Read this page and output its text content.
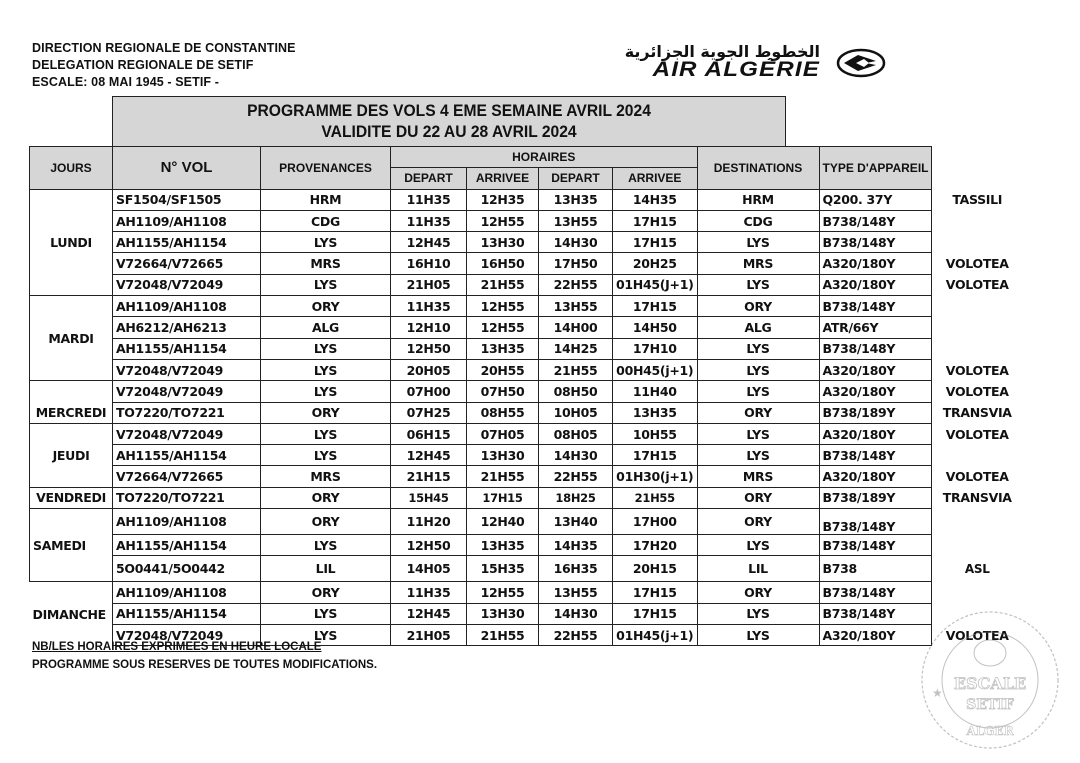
DIRECTION REGIONALE DE CONSTANTINE
DELEGATION REGIONALE DE SETIF
ESCALE: 08 MAI 1945 - SETIF -
الخطوط الجوية الجزائرية
AIR ALGÉRIE
PROGRAMME DES VOLS 4 EME SEMAINE AVRIL 2024
VALIDITE DU 22 AU 28 AVRIL 2024
JOURS	N° VOL	PROVENANCES	HORAIRES				DESTINATIONS	TYPE D'APPAREIL	
			DEPART	ARRIVEE	DEPART	ARRIVEE			
LUNDI	SF1504/SF1505	HRM	11H35	12H35	13H35	14H35	HRM	Q200. 37Y	TASSILI
	AH1109/AH1108	CDG	11H35	12H55	13H55	17H15	CDG	B738/148Y	
	AH1155/AH1154	LYS	12H45	13H30	14H30	17H15	LYS	B738/148Y	
	V72664/V72665	MRS	16H10	16H50	17H50	20H25	MRS	A320/180Y	VOLOTEA
	V72048/V72049	LYS	21H05	21H55	22H55	01H45(J+1)	LYS	A320/180Y	VOLOTEA
MARDI	AH1109/AH1108	ORY	11H35	12H55	13H55	17H15	ORY	B738/148Y	
	AH6212/AH6213	ALG	12H10	12H55	14H00	14H50	ALG	ATR/66Y	
	AH1155/AH1154	LYS	12H50	13H35	14H25	17H10	LYS	B738/148Y	
	V72048/V72049	LYS	20H05	20H55	21H55	00H45(j+1)	LYS	A320/180Y	VOLOTEA
MERCREDI	V72048/V72049	LYS	07H00	07H50	08H50	11H40	LYS	A320/180Y	VOLOTEA
	TO7220/TO7221	ORY	07H25	08H55	10H05	13H35	ORY	B738/189Y	TRANSVIA
JEUDI	V72048/V72049	LYS	06H15	07H05	08H05	10H55	LYS	A320/180Y	VOLOTEA
	AH1155/AH1154	LYS	12H45	13H30	14H30	17H15	LYS	B738/148Y	
	V72664/V72665	MRS	21H15	21H55	22H55	01H30(j+1)	MRS	A320/180Y	VOLOTEA
VENDREDI	TO7220/TO7221	ORY	15H45	17H15	18H25	21H55	ORY	B738/189Y	TRANSVIA
SAMEDI	AH1109/AH1108	ORY	11H20	12H40	13H40	17H00	ORY	B738/148Y	
	AH1155/AH1154	LYS	12H50	13H35	14H35	17H20	LYS	B738/148Y	
	5O0441/5O0442	LIL	14H05	15H35	16H35	20H15	LIL	B738	ASL
DIMANCHE	AH1109/AH1108	ORY	11H35	12H55	13H55	17H15	ORY	B738/148Y	
	AH1155/AH1154	LYS	12H45	13H30	14H30	17H15	LYS	B738/148Y	
	V72048/V72049	LYS	21H05	21H55	22H55	01H45(j+1)	LYS	A320/180Y	VOLOTEA
NB/LES HORAIRES EXPRIMEES EN HEURE LOCALE
PROGRAMME SOUS RESERVES DE TOUTES MODIFICATIONS.
ESCALE
SETIF
ALGER
★
